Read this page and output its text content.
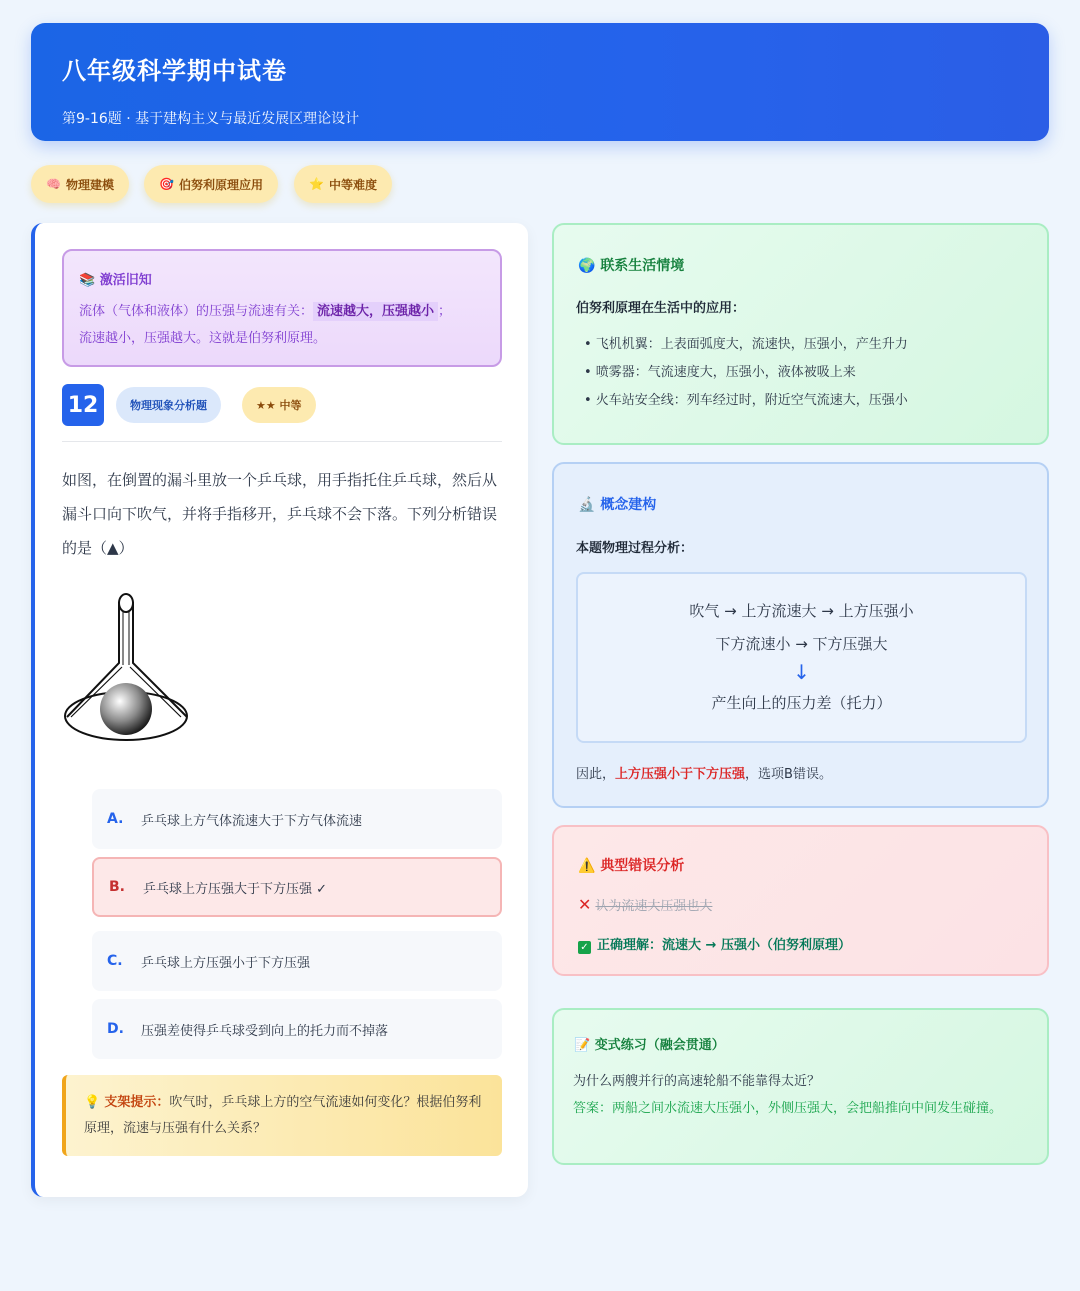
八年级科学期中试卷
第9-16题 · 基于建构主义与最近发展区理论设计
🧠 物理建模	🎯 伯努利原理应用	⭐ 中等难度
📚 激活旧知
流体（气体和液体）的压强与流速有关： 流速越大，压强越小 ；
流速越小，压强越大。这就是伯努利原理。
12	物理现象分析题	★★ 中等
如图，在倒置的漏斗里放一个乒乓球，用手指托住乒乓球，然后从漏斗口向下吹气，并将手指移开，乒乓球不会下落。下列分析错误的是（▲）
A.	乒乓球上方气体流速大于下方气体流速
B.	乒乓球上方压强大于下方压强 ✓
C.	乒乓球上方压强小于下方压强
D.	压强差使得乒乓球受到向上的托力而不掉落
💡 支架提示：吹气时，乒乓球上方的空气流速如何变化？根据伯努利原理，流速与压强有什么关系？
🌍 联系生活情境
伯努利原理在生活中的应用：
• 飞机机翼：上表面弧度大，流速快，压强小，产生升力
• 喷雾器：气流速度大，压强小，液体被吸上来
• 火车站安全线：列车经过时，附近空气流速大，压强小
🔬 概念建构
本题物理过程分析：
吹气 → 上方流速大 → 上方压强小
下方流速小 → 下方压强大
↓
产生向上的压力差（托力）
因此，上方压强小于下方压强，选项B错误。
⚠️ 典型错误分析
✕ 认为流速大压强也大
✓ 正确理解：流速大 → 压强小（伯努利原理）
📝 变式练习（融会贯通）
为什么两艘并行的高速轮船不能靠得太近？
答案：两船之间水流速大压强小，外侧压强大，会把船推向中间发生碰撞。
